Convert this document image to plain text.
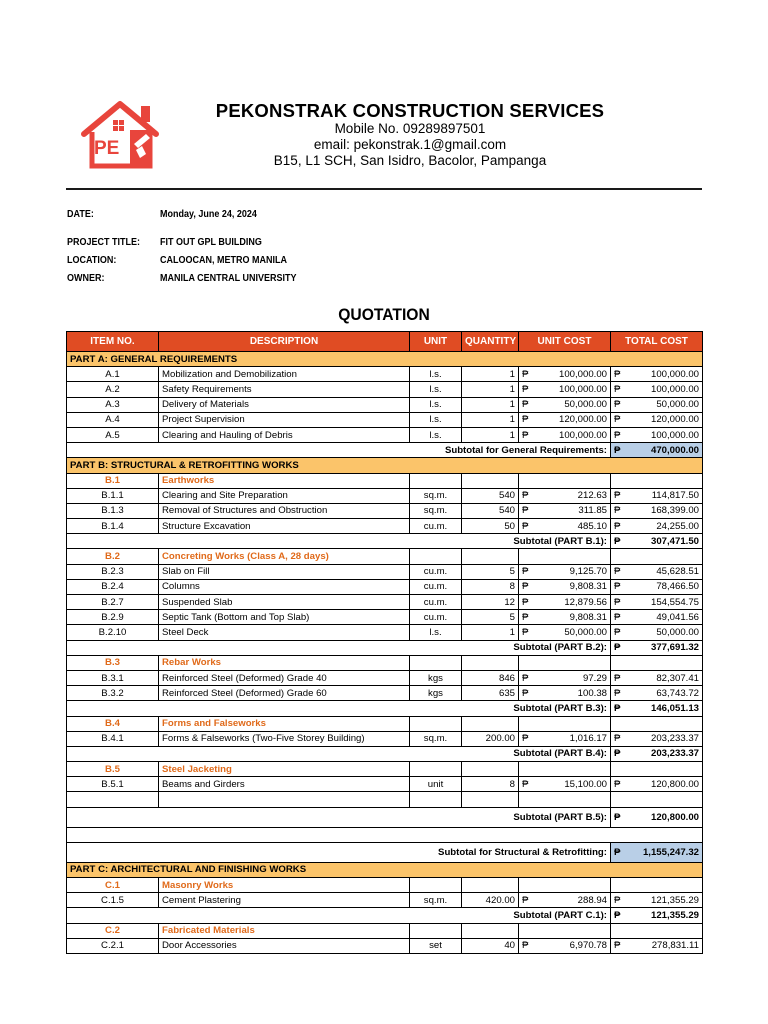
PE
PEKONSTRAK CONSTRUCTION SERVICES
Mobile No. 09289897501
email: pekonstrak.1@gmail.com
B15, L1 SCH, San Isidro, Bacolor, Pampanga
DATE:	Monday, June 24, 2024
PROJECT TITLE: FIT OUT GPL BUILDING
LOCATION:	CALOOCAN, METRO MANILA
OWNER:	MANILA CENTRAL UNIVERSITY
QUOTATION
ITEM NO.	DESCRIPTION	UNIT	QUANTITY	UNIT COST	TOTAL COST
PART A: GENERAL REQUIREMENTS					
A.1	Mobilization and Demobilization	l.s.	1	₱ 100,000.00	₱ 100,000.00

A.2	Safety Requirements	l.s.	1	₱ 100,000.00	₱ 100,000.00

A.3	Delivery of Materials	l.s.	1	₱ 50,000.00	₱ 50,000.00

A.4	Project Supervision	l.s.	1	₱ 120,000.00	₱ 120,000.00

A.5	Clearing and Hauling of Debris	l.s.	1	₱ 100,000.00	₱ 100,000.00

Subtotal for General Requirements:					₱ 470,000.00

PART B: STRUCTURAL & RETROFITTING WORKS					
B.1	Earthworks				
B.1.1	Clearing and Site Preparation	sq.m.	540	₱ 212.63	₱ 114,817.50

B.1.3	Removal of Structures and Obstruction	sq.m.	540	₱ 311.85	₱ 168,399.00

B.1.4	Structure Excavation	cu.m.	50	₱ 485.10	₱ 24,255.00

Subtotal (PART B.1):					₱ 307,471.50

B.2	Concreting Works (Class A, 28 days)				
B.2.3	Slab on Fill	cu.m.	5	₱ 9,125.70	₱ 45,628.51

B.2.4	Columns	cu.m.	8	₱ 9,808.31	₱ 78,466.50

B.2.7	Suspended Slab	cu.m.	12	₱ 12,879.56	₱ 154,554.75

B.2.9	Septic Tank (Bottom and Top Slab)	cu.m.	5	₱ 9,808.31	₱ 49,041.56

B.2.10	Steel Deck	l.s.	1	₱ 50,000.00	₱ 50,000.00

Subtotal (PART B.2):					₱ 377,691.32

B.3	Rebar Works				
B.3.1	Reinforced Steel (Deformed) Grade 40	kgs	846	₱ 97.29	₱ 82,307.41

B.3.2	Reinforced Steel (Deformed) Grade 60	kgs	635	₱ 100.38	₱ 63,743.72

Subtotal (PART B.3):					₱ 146,051.13

B.4	Forms and Falseworks				
B.4.1	Forms & Falseworks (Two-Five Storey Building)	sq.m.	200.00	₱ 1,016.17	₱ 203,233.37

Subtotal (PART B.4):					₱ 203,233.37

B.5	Steel Jacketing				
B.5.1	Beams and Girders	unit	8	₱ 15,100.00	₱ 120,800.00

Subtotal (PART B.5):					₱ 120,800.00

Subtotal for Structural & Retrofitting:					₱ 1,155,247.32

PART C: ARCHITECTURAL AND FINISHING WORKS					
C.1	Masonry Works				
C.1.5	Cement Plastering	sq.m.	420.00	₱ 288.94	₱ 121,355.29

Subtotal (PART C.1):					₱ 121,355.29

C.2	Fabricated Materials				
C.2.1	Door Accessories	set	40	₱ 6,970.78	₱ 278,831.11
